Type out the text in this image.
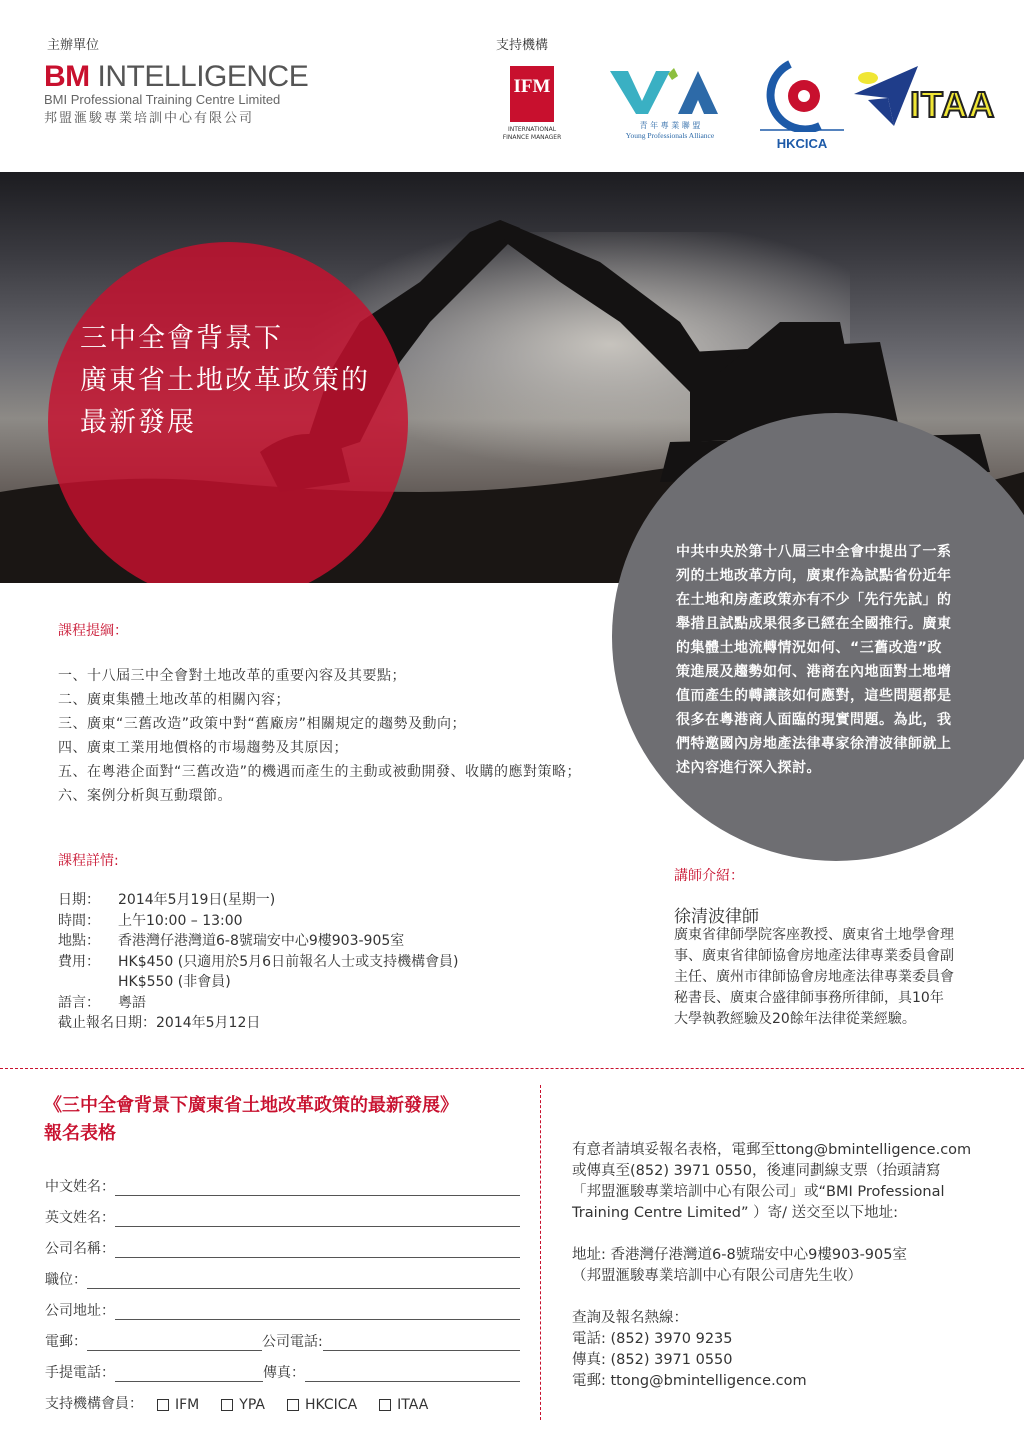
主辦單位	支持機構
BM INTELLIGENCE
BMI Professional Training Centre Limited
邦盟滙駿專業培訓中心有限公司
IFM
INTERNATIONAL FINANCE MANAGER
青 年 專 業 聯 盟
Young Professionals Alliance
HKCICA
ITAA
三中全會背景下
廣東省土地改革政策的
最新發展
中共中央於第十八屆三中全會中提出了一系
列的土地改革方向，廣東作為試點省份近年
在土地和房產政策亦有不少「先行先試」的
舉措且試點成果很多已經在全國推行。廣東
的集體土地流轉情況如何、“三舊改造”政
策進展及趨勢如何、港商在內地面對土地增
值而產生的轉讓該如何應對，這些問題都是
很多在粵港商人面臨的現實問題。為此，我
們特邀國內房地產法律專家徐清波律師就上
述內容進行深入探討。
課程提綱：
一、十八屆三中全會對土地改革的重要內容及其要點；
二、廣東集體土地改革的相關內容；
三、廣東“三舊改造”政策中對“舊廠房”相關規定的趨勢及動向；
四、廣東工業用地價格的市場趨勢及其原因；
五、在粵港企面對“三舊改造”的機遇而產生的主動或被動開發、收購的應對策略；
六、案例分析與互動環節。
課程詳情:
日期： 2014年5月19日(星期一)
時間： 上午10:00 – 13:00
地點： 香港灣仔港灣道6-8號瑞安中心9樓903-905室
費用： HK$450 (只適用於5月6日前報名人士或支持機構會員)
HK$550 (非會員)
語言： 粵語
截止報名日期：2014年5月12日
講師介紹：
徐清波律師
廣東省律師學院客座教授、廣東省土地學會理
事、廣東省律師協會房地產法律專業委員會副
主任、廣州市律師協會房地產法律專業委員會
秘書長、廣東合盛律師事務所律師，具10年
大學執教經驗及20餘年法律從業經驗。
《三中全會背景下廣東省土地改革政策的最新發展》
報名表格
中文姓名：
英文姓名：
公司名稱：
職位：
公司地址：
電郵：	公司電話:
手提電話：	傳真：
支持機構會員：	IFM	YPA	HKCICA	ITAA
有意者請填妥報名表格，電郵至ttong@bmintelligence.com
或傳真至(852) 3971 0550，後連同劃線支票（抬頭請寫
「邦盟滙駿專業培訓中心有限公司」或“BMI Professional
Training Centre Limited” ）寄/ 送交至以下地址:
地址: 香港灣仔港灣道6-8號瑞安中心9樓903-905室
（邦盟滙駿專業培訓中心有限公司唐先生收）
查詢及報名熱線：
電話: (852) 3970 9235
傳真: (852) 3971 0550
電郵: ttong@bmintelligence.com
